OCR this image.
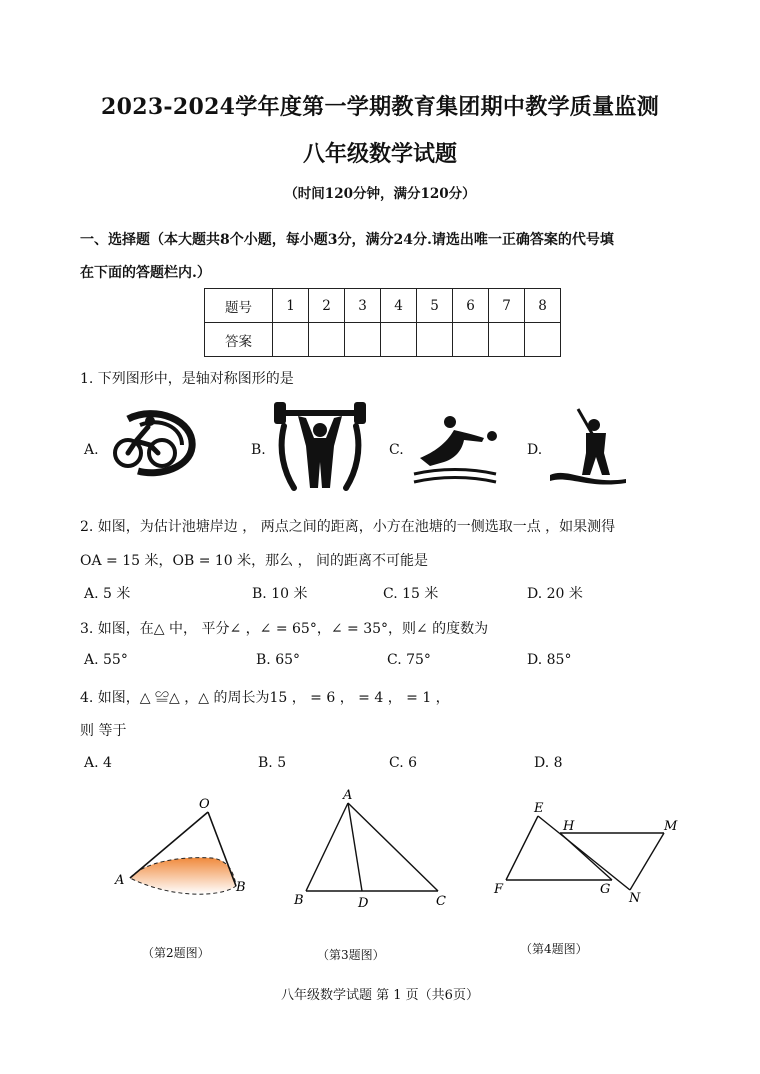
2023-2024学年度第一学期教育集团期中教学质量监测
八年级数学试题
（时间120分钟，满分120分）
一、选择题（本大题共8个小题，每小题3分，满分24分.请选出唯一正确答案的代号填
在下面的答题栏内.）
题号	1	2	3	4	5	6	7	8
答案								
1. 下列图形中，是轴对称图形的是
A.	B.	C.	D.
2. 如图，为估计池塘岸边 ， 两点之间的距离，小方在池塘的一侧选取一点 ，如果测得
OA = 15 米，OB = 10 米，那么 ， 间的距离不可能是
A. 5 米	B. 10 米	C. 15 米	D. 20 米
3. 如图，在△ 中， 平分∠ ，∠ = 65°，∠ = 35°，则∠ 的度数为
A. 55°	B. 65°	C. 75°	D. 85°
4. 如图，△ ≌△ ，△ 的周长为15 ， = 6 ， = 4 ， = 1 ，
则 等于
A. 4	B. 5	C. 6	D. 8
O
A	B
（第2题图）
A
B	D	C
（第3题图）
E
H	M
F	G
N
（第4题图）
八年级数学试题 第 1 页（共6页）
